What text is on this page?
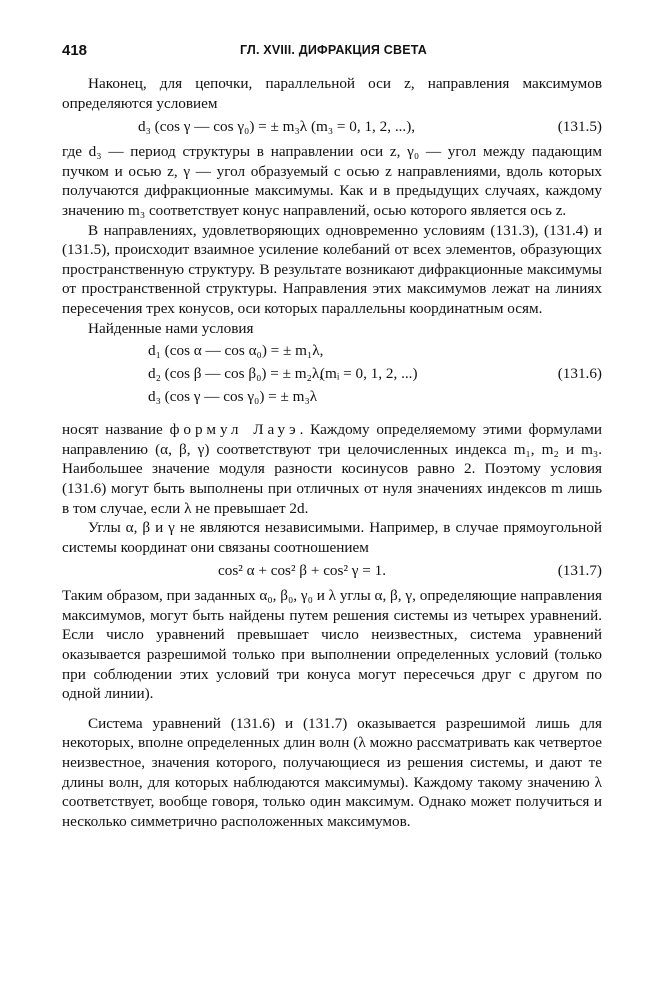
418	ГЛ. XVIII. ДИФРАКЦИЯ СВЕТА

Наконец, для цепочки, параллельной оси z, направления максимумов определяются условием

d₃ (cos γ — cos γ₀) = ± m₃λ (m₃ = 0, 1, 2, ...),	(131.5)

где d₃ — период структуры в направлении оси z, γ₀ — угол между падающим пучком и осью z, γ — угол образуемый с осью z направлениями, вдоль которых получаются дифракционные максимумы. Как и в предыдущих случаях, каждому значению m₃ соответствует конус направлений, осью которого является ось z.

В направлениях, удовлетворяющих одновременно условиям (131.3), (131.4) и (131.5), происходит взаимное усиление колебаний от всех элементов, образующих пространственную структуру. В результате возникают дифракционные максимумы от пространственной структуры. Направления этих максимумов лежат на линиях пересечения трех конусов, оси которых параллельны координатным осям.

Найденные нами условия

d₁ (cos α — cos α₀) = ± m₁λ,
d₂ (cos β — cos β₀) = ± m₂λ,
d₃ (cos γ — cos γ₀) = ± m₃λ
(mᵢ = 0, 1, 2, ...)	(131.6)

носят название формул Лауэ. Каждому определяемому этими формулами направлению (α, β, γ) соответствуют три целочисленных индекса m₁, m₂ и m₃. Наибольшее значение модуля разности косинусов равно 2. Поэтому условия (131.6) могут быть выполнены при отличных от нуля значениях индексов m лишь в том случае, если λ не превышает 2d.

Углы α, β и γ не являются независимыми. Например, в случае прямоугольной системы координат они связаны соотношением

cos² α + cos² β + cos² γ = 1.	(131.7)

Таким образом, при заданных α₀, β₀, γ₀ и λ углы α, β, γ, определяющие направления максимумов, могут быть найдены путем решения системы из четырех уравнений. Если число уравнений превышает число неизвестных, система уравнений оказывается разрешимой только при выполнении определенных условий (только при соблюдении этих условий три конуса могут пересечься друг с другом по одной линии).

Система уравнений (131.6) и (131.7) оказывается разрешимой лишь для некоторых, вполне определенных длин волн (λ можно рассматривать как четвертое неизвестное, значения которого, получающиеся из решения системы, и дают те длины волн, для которых наблюдаются максимумы). Каждому такому значению λ соответствует, вообще говоря, только один максимум. Однако может получиться и несколько симметрично расположенных максимумов.
